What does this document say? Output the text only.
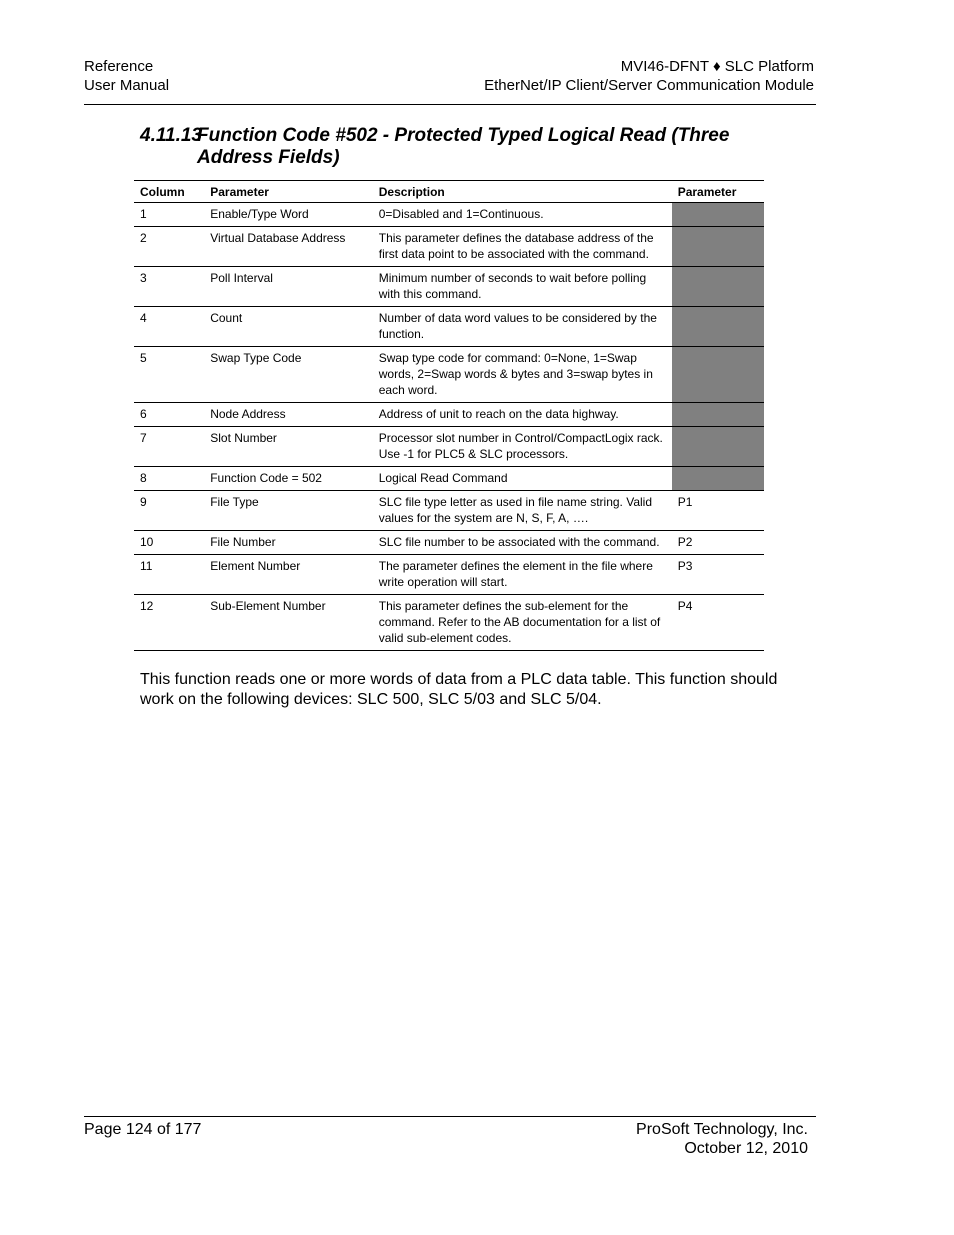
Reference
User Manual
MVI46-DFNT ♦ SLC Platform
EtherNet/IP Client/Server Communication Module
4.11.13Function Code #502 - Protected Typed Logical Read (Three
Address Fields)
Column	Parameter	Description	Parameter
1	Enable/Type Word	0=Disabled and 1=Continuous.	
2	Virtual Database Address	This parameter defines the database address of the first data point to be associated with the command.	
3	Poll Interval	Minimum number of seconds to wait before polling with this command.	
4	Count	Number of data word values to be considered by the function.	
5	Swap Type Code	Swap type code for command: 0=None, 1=Swap words, 2=Swap words & bytes and 3=swap bytes in each word.	
6	Node Address	Address of unit to reach on the data highway.	
7	Slot Number	Processor slot number in Control/CompactLogix rack. Use -1 for PLC5 & SLC processors.	
8	Function Code = 502	Logical Read Command	
9	File Type	SLC file type letter as used in file name string. Valid values for the system are N, S, F, A, ….	P1
10	File Number	SLC file number to be associated with the command.	P2
11	Element Number	The parameter defines the element in the file where write operation will start.	P3
12	Sub-Element Number	This parameter defines the sub-element for the command. Refer to the AB documentation for a list of valid sub-element codes.	P4

This function reads one or more words of data from a PLC data table. This function should work on the following devices: SLC 500, SLC 5/03 and SLC 5/04.

Page 124 of 177	ProSoft Technology, Inc.
October 12, 2010
